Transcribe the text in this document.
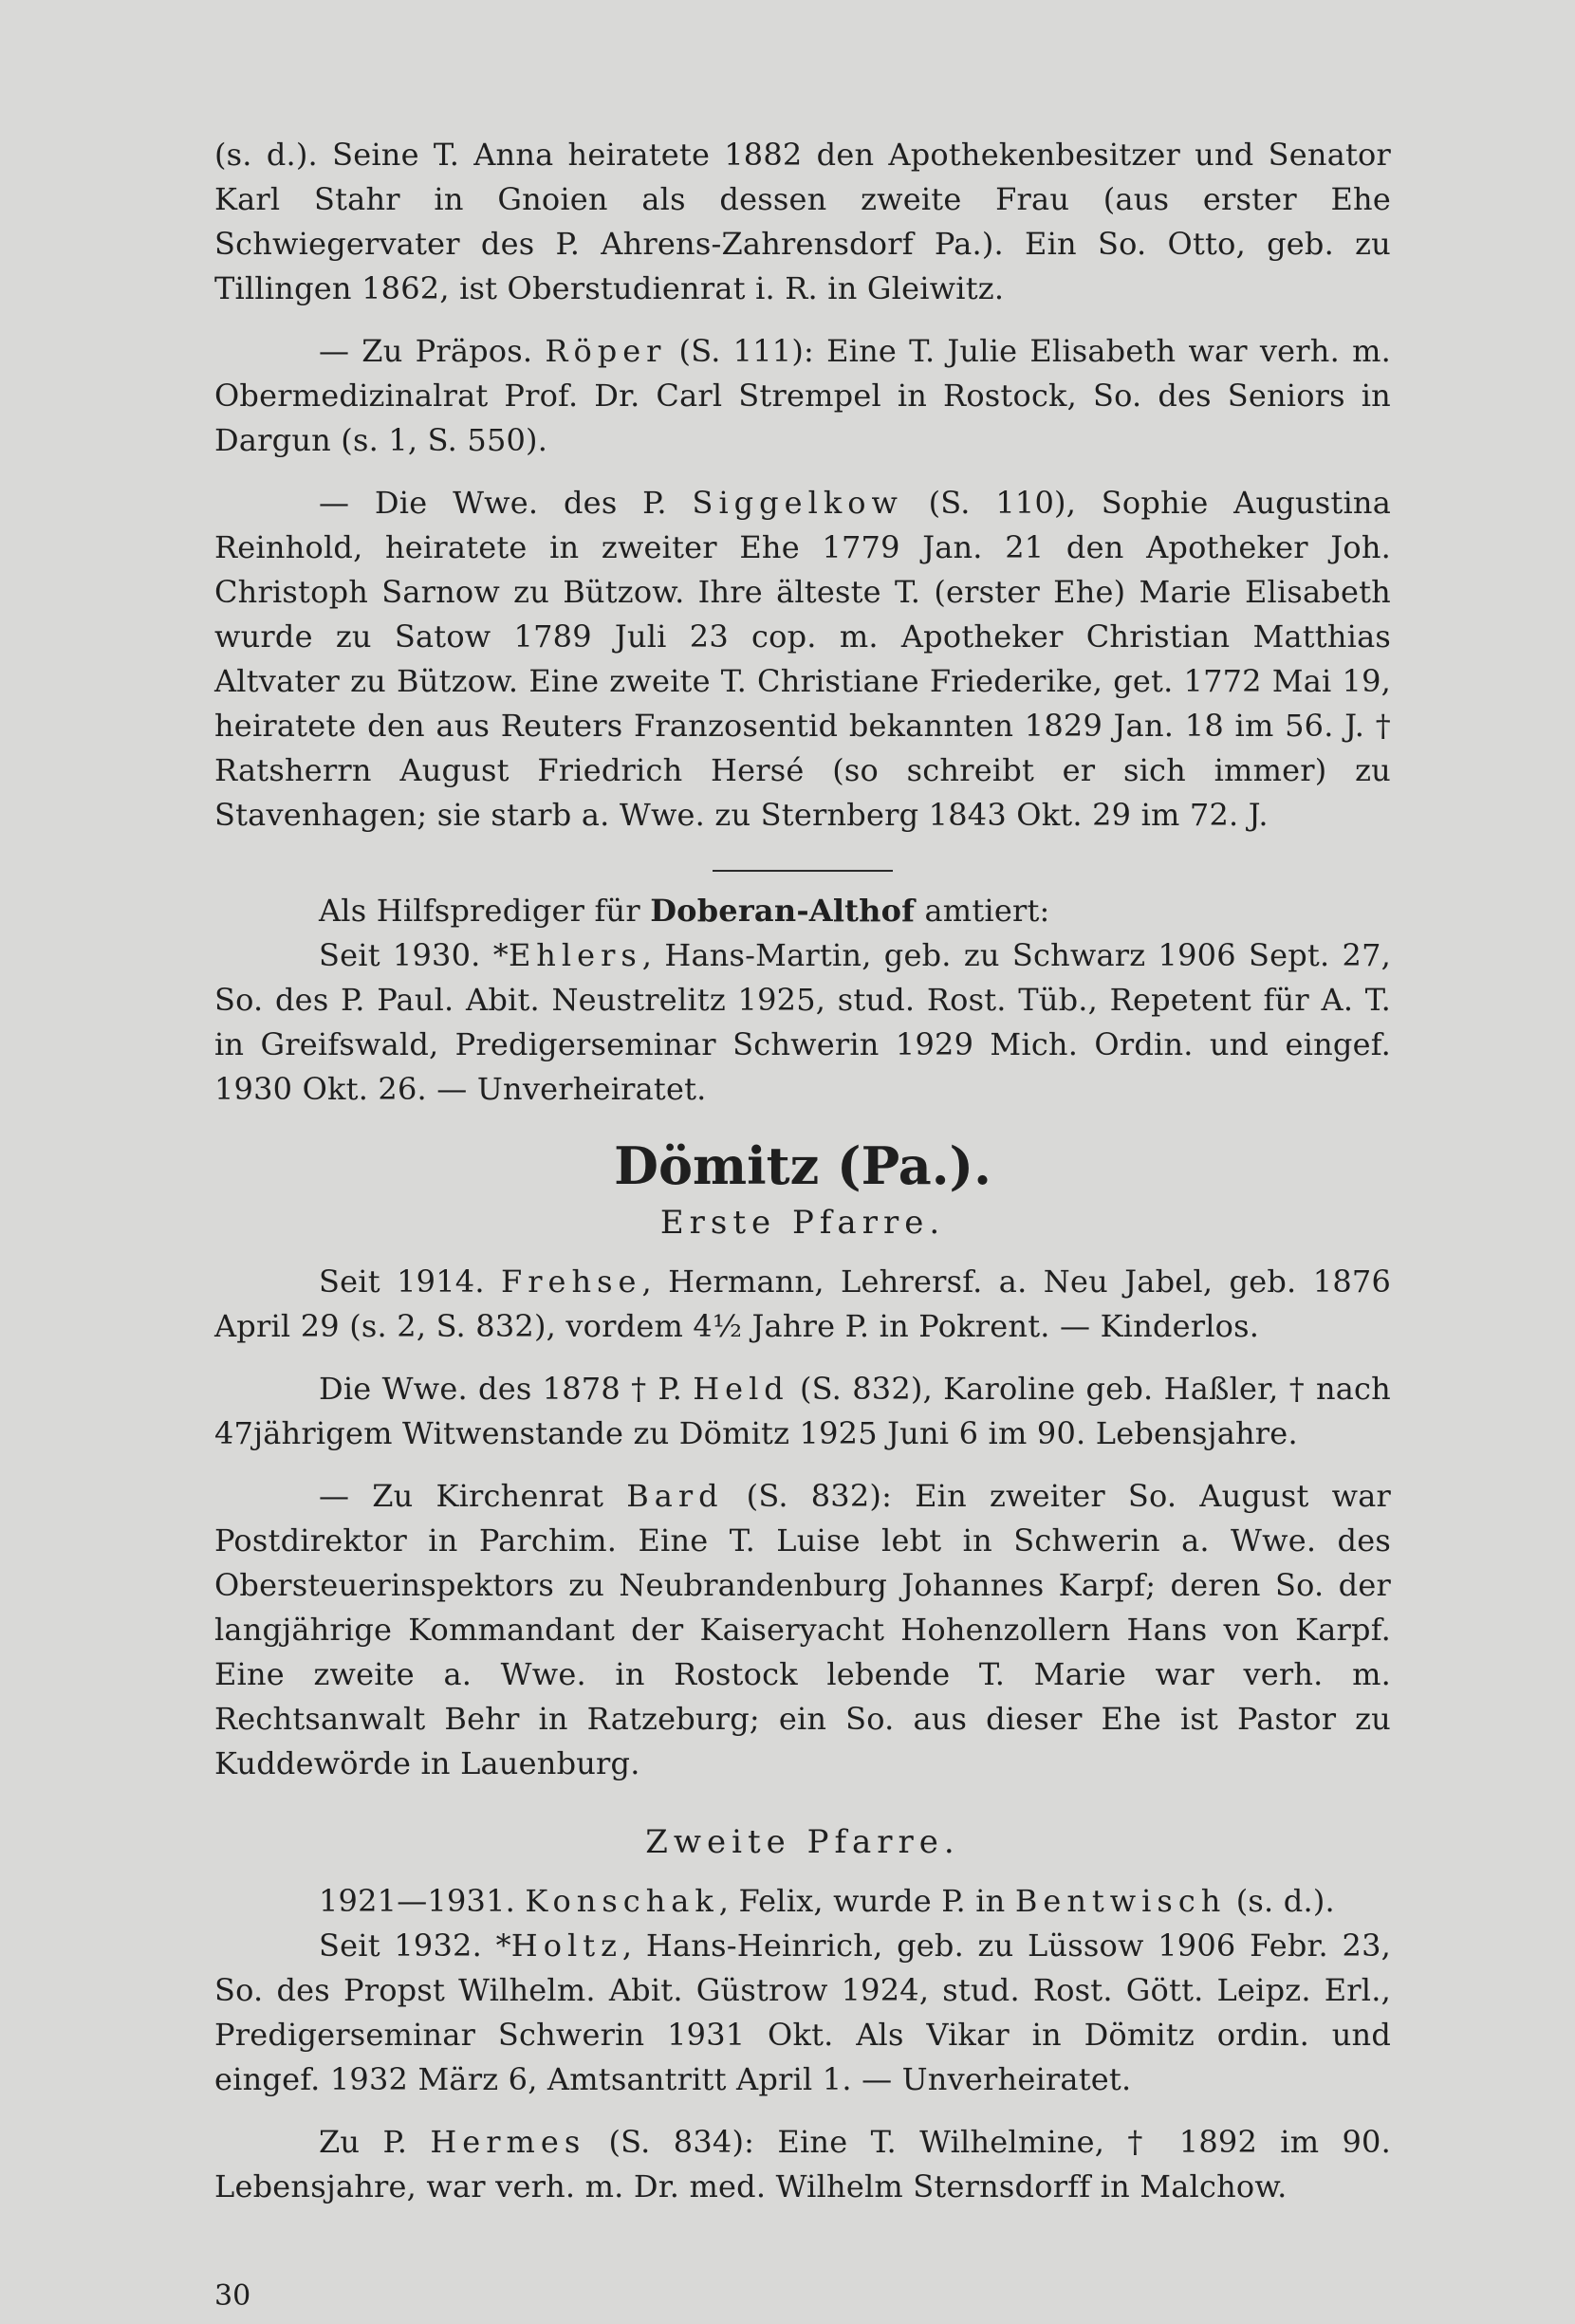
(s. d.). Seine T. Anna heiratete 1882 den Apothekenbesitzer und Senator Karl Stahr in Gnoien als dessen zweite Frau (aus erster Ehe Schwiegervater des P. Ahrens-Zahrensdorf Pa.). Ein So. Otto, geb. zu Tillingen 1862, ist Oberstudienrat i. R. in Gleiwitz.

— Zu Präpos. Röper (S. 111): Eine T. Julie Elisabeth war verh. m. Obermedizinalrat Prof. Dr. Carl Strempel in Rostock, So. des Seniors in Dargun (s. 1, S. 550).

— Die Wwe. des P. Siggelkow (S. 110), Sophie Augustina Reinhold, heiratete in zweiter Ehe 1779 Jan. 21 den Apotheker Joh. Christoph Sarnow zu Bützow. Ihre älteste T. (erster Ehe) Marie Elisabeth wurde zu Satow 1789 Juli 23 cop. m. Apotheker Christian Matthias Altvater zu Bützow. Eine zweite T. Christiane Friederike, get. 1772 Mai 19, heiratete den aus Reuters Franzosentid bekannten 1829 Jan. 18 im 56. J. † Ratsherrn August Friedrich Hersé (so schreibt er sich immer) zu Stavenhagen; sie starb a. Wwe. zu Sternberg 1843 Okt. 29 im 72. J.

Als Hilfsprediger für Doberan-Althof amtiert:

Seit 1930. *Ehlers, Hans-Martin, geb. zu Schwarz 1906 Sept. 27, So. des P. Paul. Abit. Neustrelitz 1925, stud. Rost. Tüb., Repetent für A. T. in Greifswald, Predigerseminar Schwerin 1929 Mich. Ordin. und eingef. 1930 Okt. 26. — Unverheiratet.

Dömitz (Pa.).
Erste Pfarre.

Seit 1914. Frehse, Hermann, Lehrersf. a. Neu Jabel, geb. 1876 April 29 (s. 2, S. 832), vordem 4½ Jahre P. in Pokrent. — Kinderlos.

Die Wwe. des 1878 † P. Held (S. 832), Karoline geb. Haßler, † nach 47jährigem Witwenstande zu Dömitz 1925 Juni 6 im 90. Lebensjahre.

— Zu Kirchenrat Bard (S. 832): Ein zweiter So. August war Postdirektor in Parchim. Eine T. Luise lebt in Schwerin a. Wwe. des Obersteuerinspektors zu Neubrandenburg Johannes Karpf; deren So. der langjährige Kommandant der Kaiseryacht Hohenzollern Hans von Karpf. Eine zweite a. Wwe. in Rostock lebende T. Marie war verh. m. Rechtsanwalt Behr in Ratzeburg; ein So. aus dieser Ehe ist Pastor zu Kuddewörde in Lauenburg.

Zweite Pfarre.

1921—1931. Konschak, Felix, wurde P. in Bentwisch (s. d.).

Seit 1932. *Holtz, Hans-Heinrich, geb. zu Lüssow 1906 Febr. 23, So. des Propst Wilhelm. Abit. Güstrow 1924, stud. Rost. Gött. Leipz. Erl., Predigerseminar Schwerin 1931 Okt. Als Vikar in Dömitz ordin. und eingef. 1932 März 6, Amtsantritt April 1. — Unverheiratet.

Zu P. Hermes (S. 834): Eine T. Wilhelmine, † 1892 im 90. Lebensjahre, war verh. m. Dr. med. Wilhelm Sternsdorff in Malchow.

30
